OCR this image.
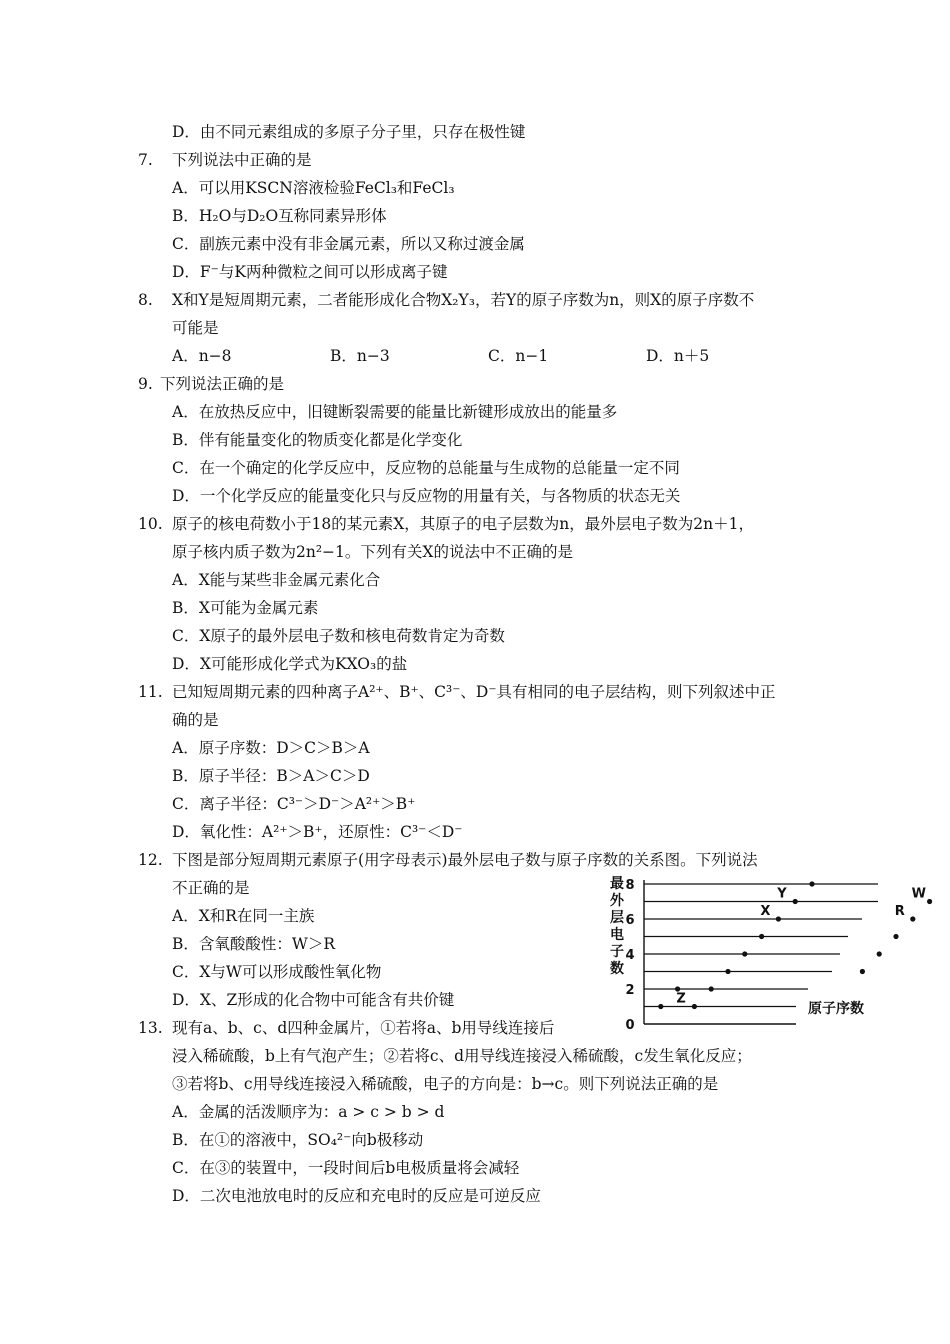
D．由不同元素组成的多原子分子里，只存在极性键
7. 下列说法中正确的是
A．可以用KSCN溶液检验FeCl₃和FeCl₃
B．H₂O与D₂O互称同素异形体
C．副族元素中没有非金属元素，所以又称过渡金属
D．F⁻与K两种微粒之间可以形成离子键
8. X和Y是短周期元素，二者能形成化合物X₂Y₃，若Y的原子序数为n，则X的原子序数不
可能是
A．n−8	B．n−3	C．n−1	D．n＋5
9. 下列说法正确的是
A．在放热反应中，旧键断裂需要的能量比新键形成放出的能量多
B．伴有能量变化的物质变化都是化学变化
C．在一个确定的化学反应中，反应物的总能量与生成物的总能量一定不同
D．一个化学反应的能量变化只与反应物的用量有关，与各物质的状态无关
10. 原子的核电荷数小于18的某元素X，其原子的电子层数为n，最外层电子数为2n＋1，
原子核内质子数为2n²−1。下列有关X的说法中不正确的是
A．X能与某些非金属元素化合
B．X可能为金属元素
C．X原子的最外层电子数和核电荷数肯定为奇数
D．X可能形成化学式为KXO₃的盐
11. 已知短周期元素的四种离子A²⁺、B⁺、C³⁻、D⁻具有相同的电子层结构，则下列叙述中正
确的是
A．原子序数：D＞C＞B＞A
B．原子半径：B＞A＞C＞D
C．离子半径：C³⁻＞D⁻＞A²⁺＞B⁺
D．氧化性：A²⁺＞B⁺，还原性：C³⁻＜D⁻
12. 下图是部分短周期元素原子(用字母表示)最外层电子数与原子序数的关系图。下列说法
不正确的是
A．X和R在同一主族
B．含氧酸酸性：W＞R
C．X与W可以形成酸性氧化物
D．X、Z形成的化合物中可能含有共价键
最
外
层
电
子
数
0
2
4
6
8
Z
X
Y
R
W
原子序数
13. 现有a、b、c、d四种金属片，①若将a、b用导线连接后
浸入稀硫酸，b上有气泡产生；②若将c、d用导线连接浸入稀硫酸，c发生氧化反应；
③若将b、c用导线连接浸入稀硫酸，电子的方向是：b→c。则下列说法正确的是
A．金属的活泼顺序为：a > c > b > d
B．在①的溶液中，SO₄²⁻向b极移动
C．在③的装置中，一段时间后b电极质量将会减轻
D．二次电池放电时的反应和充电时的反应是可逆反应
